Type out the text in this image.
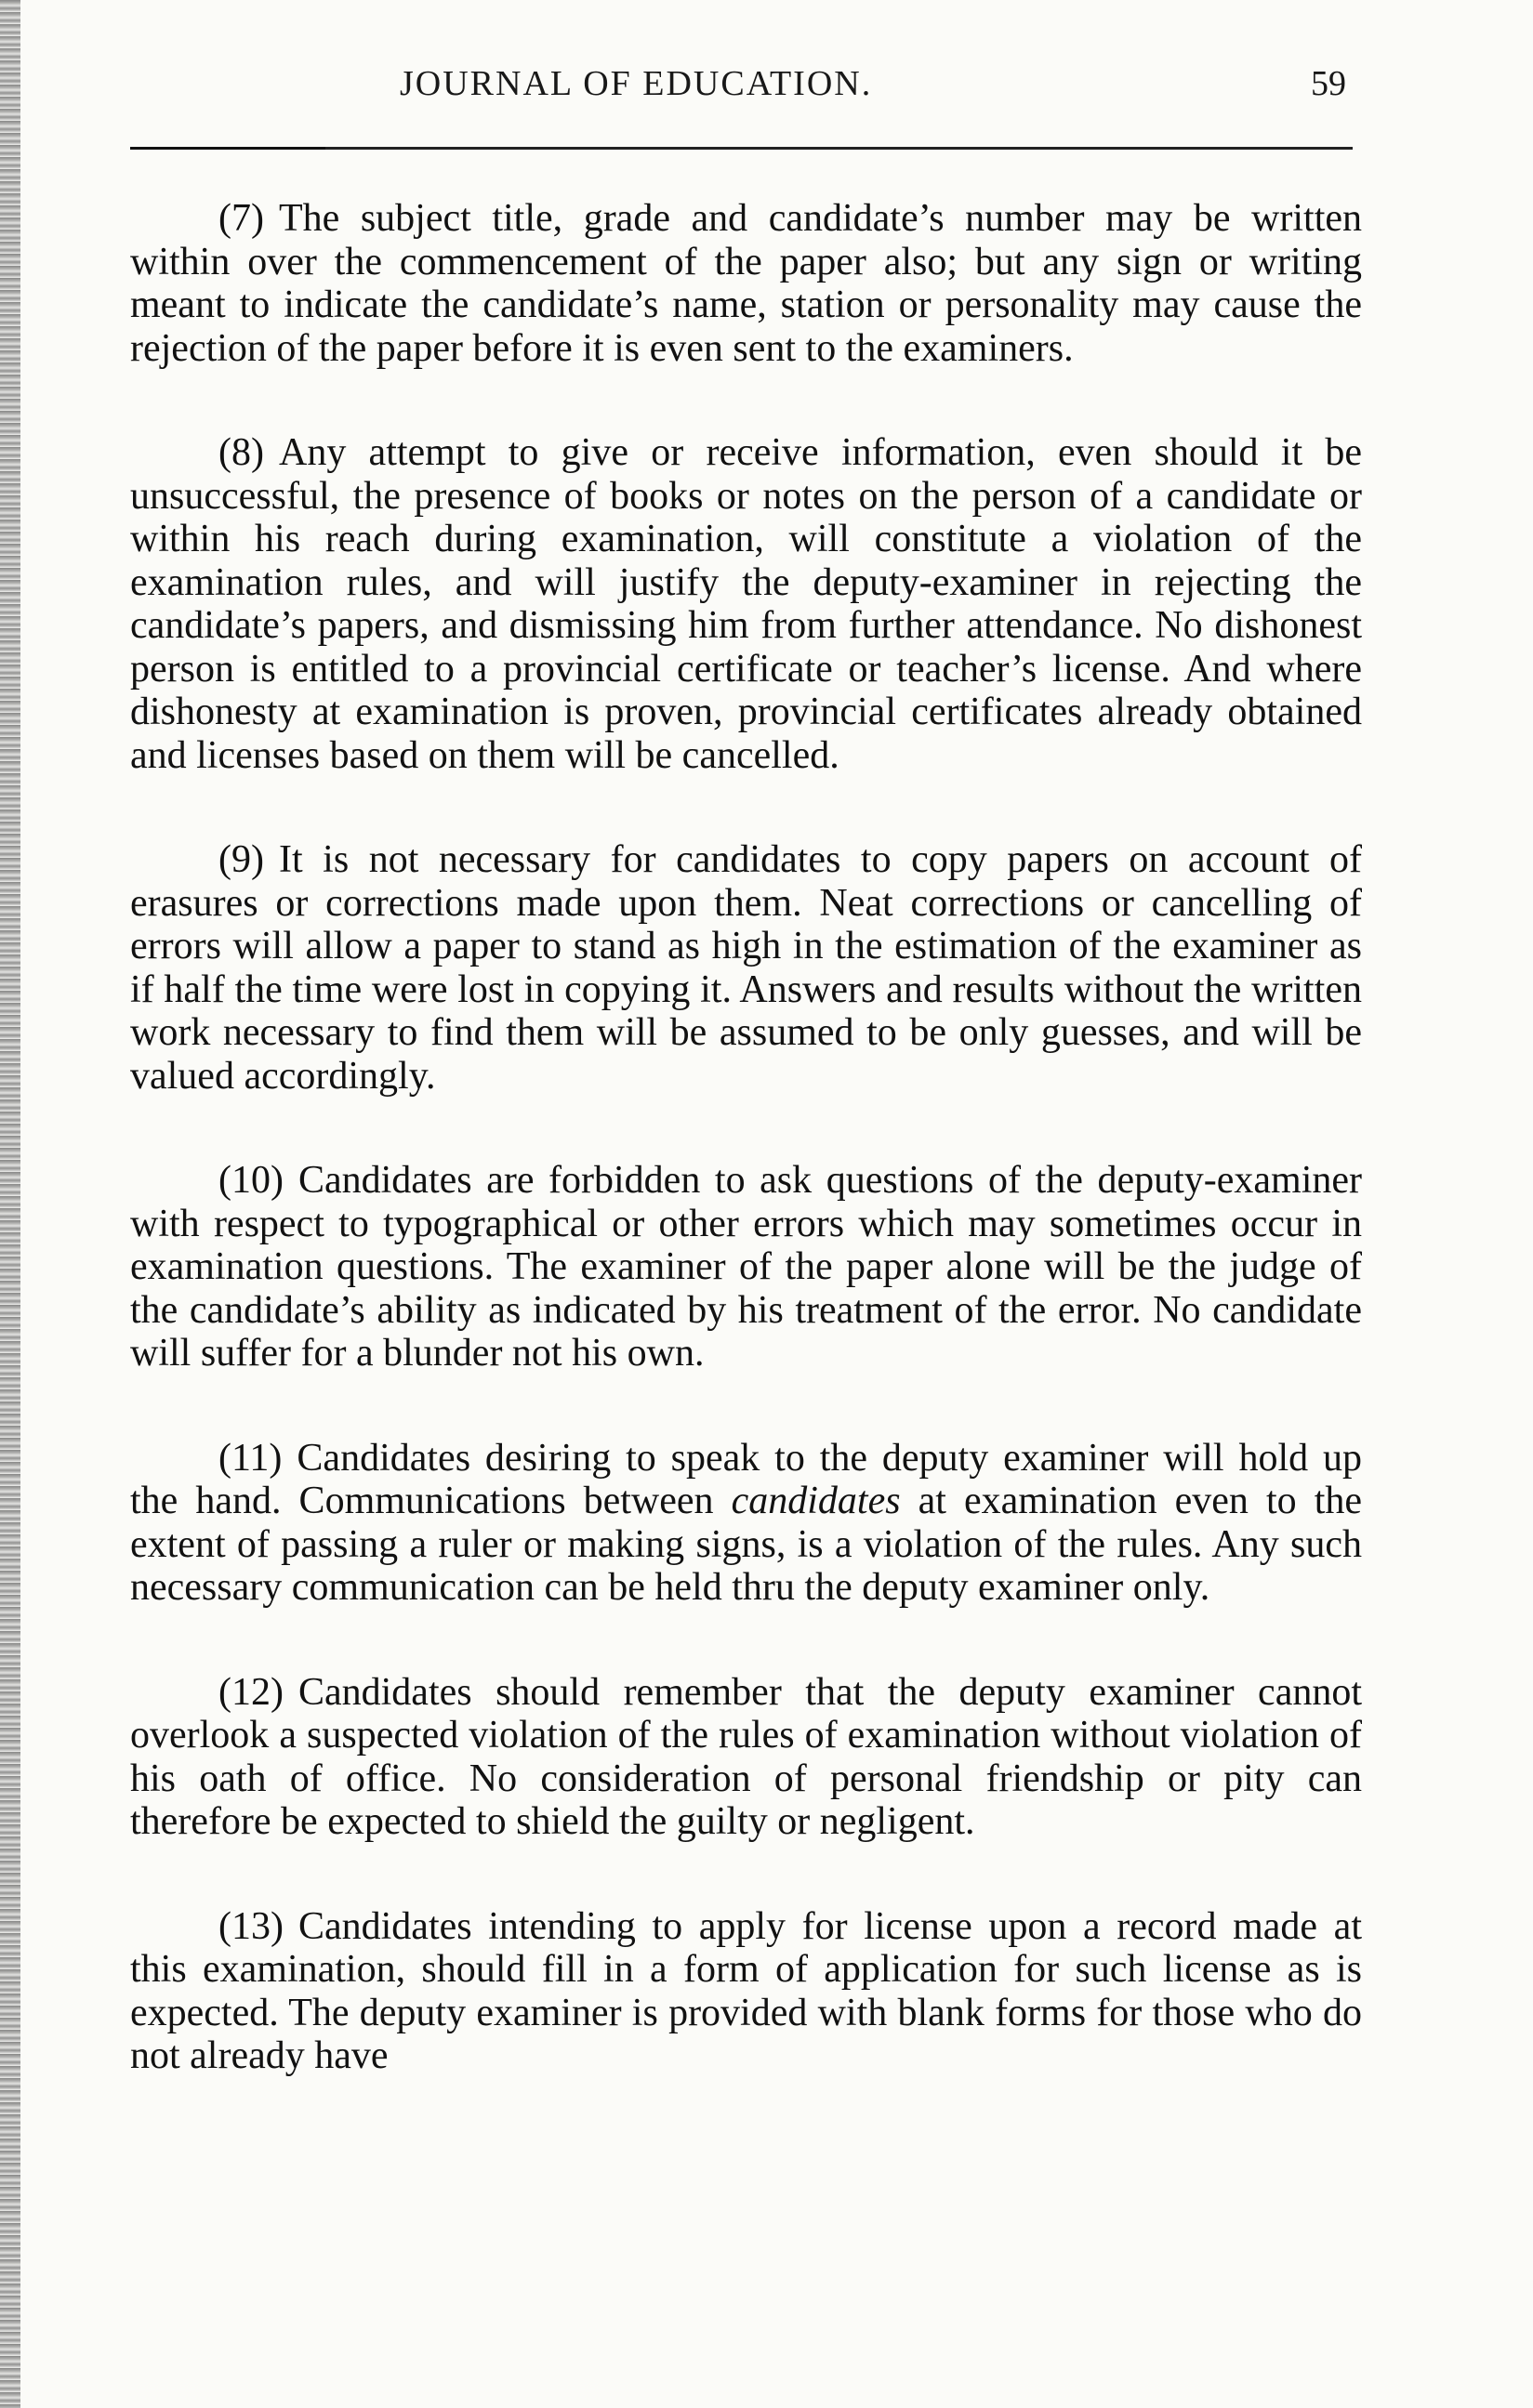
JOURNAL OF EDUCATION.	59

(7) The subject title, grade and candidate’s number may be written within over the commencement of the paper also; but any sign or writing meant to indicate the candidate’s name, station or personality may cause the rejection of the paper before it is even sent to the examiners.

(8) Any attempt to give or receive information, even should it be unsuccessful, the presence of books or notes on the person of a candidate or within his reach during examination, will constitute a violation of the examination rules, and will justify the deputy-examiner in rejecting the candidate’s papers, and dismissing him from further attendance. No dishonest person is entitled to a provincial certificate or teacher’s license. And where dishonesty at examination is proven, provincial certificates already obtained and licenses based on them will be cancelled.

(9) It is not necessary for candidates to copy papers on account of erasures or corrections made upon them. Neat corrections or cancelling of errors will allow a paper to stand as high in the estimation of the examiner as if half the time were lost in copying it. Answers and results without the written work necessary to find them will be assumed to be only guesses, and will be valued accordingly.

(10) Candidates are forbidden to ask questions of the deputy-examiner with respect to typographical or other errors which may sometimes occur in examination questions. The examiner of the paper alone will be the judge of the candidate’s ability as indicated by his treatment of the error. No candidate will suffer for a blunder not his own.

(11) Candidates desiring to speak to the deputy examiner will hold up the hand. Communications between candidates at examination even to the extent of passing a ruler or making signs, is a violation of the rules. Any such necessary communication can be held thru the deputy examiner only.

(12) Candidates should remember that the deputy examiner cannot overlook a suspected violation of the rules of examination without violation of his oath of office. No consideration of personal friendship or pity can therefore be expected to shield the guilty or negligent.

(13) Candidates intending to apply for license upon a record made at this examination, should fill in a form of application for such license as is expected. The deputy examiner is provided with blank forms for those who do not already have
